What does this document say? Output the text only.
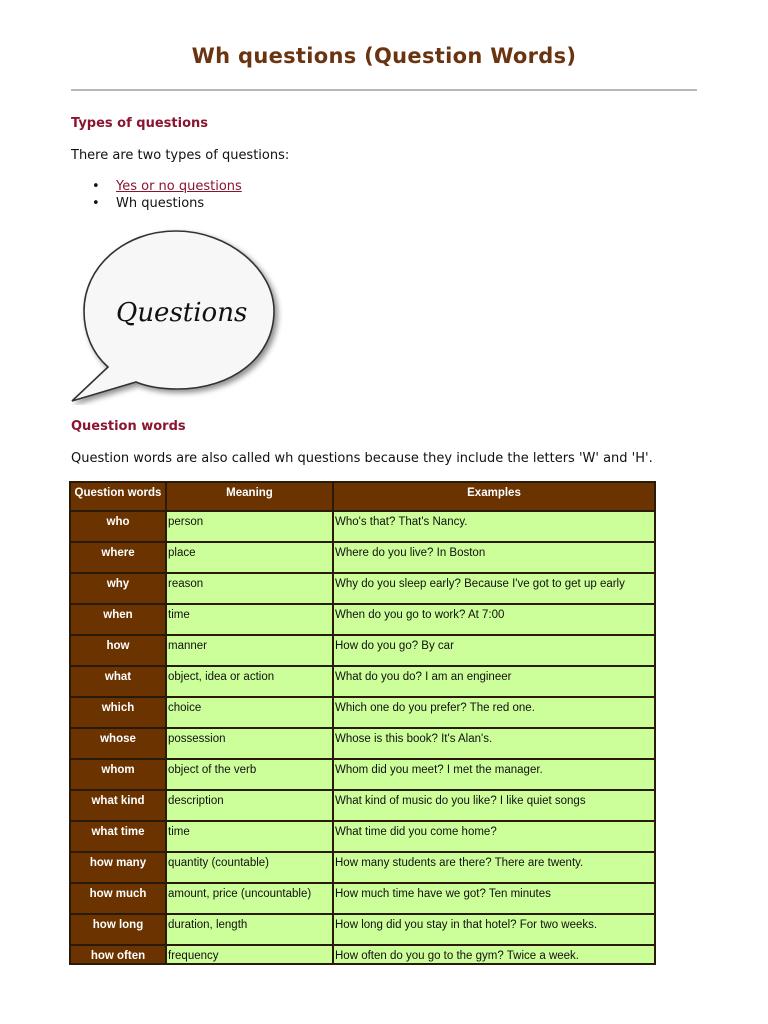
Wh questions (Question Words)
Types of questions
There are two types of questions:
• Yes or no questions
• Wh questions
Questions
Question words
Question words are also called wh questions because they include the letters 'W' and 'H'.
Question words	Meaning	Examples
who	person	Who's that? That's Nancy.
where	place	Where do you live? In Boston
why	reason	Why do you sleep early? Because I've got to get up early
when	time	When do you go to work? At 7:00
how	manner	How do you go? By car
what	object, idea or action	What do you do? I am an engineer
which	choice	Which one do you prefer? The red one.
whose	possession	Whose is this book? It's Alan's.
whom	object of the verb	Whom did you meet? I met the manager.
what kind	description	What kind of music do you like? I like quiet songs
what time	time	What time did you come home?
how many	quantity (countable)	How many students are there? There are twenty.
how much	amount, price (uncountable)	How much time have we got? Ten minutes
how long	duration, length	How long did you stay in that hotel? For two weeks.
how often	frequency	How often do you go to the gym? Twice a week.
